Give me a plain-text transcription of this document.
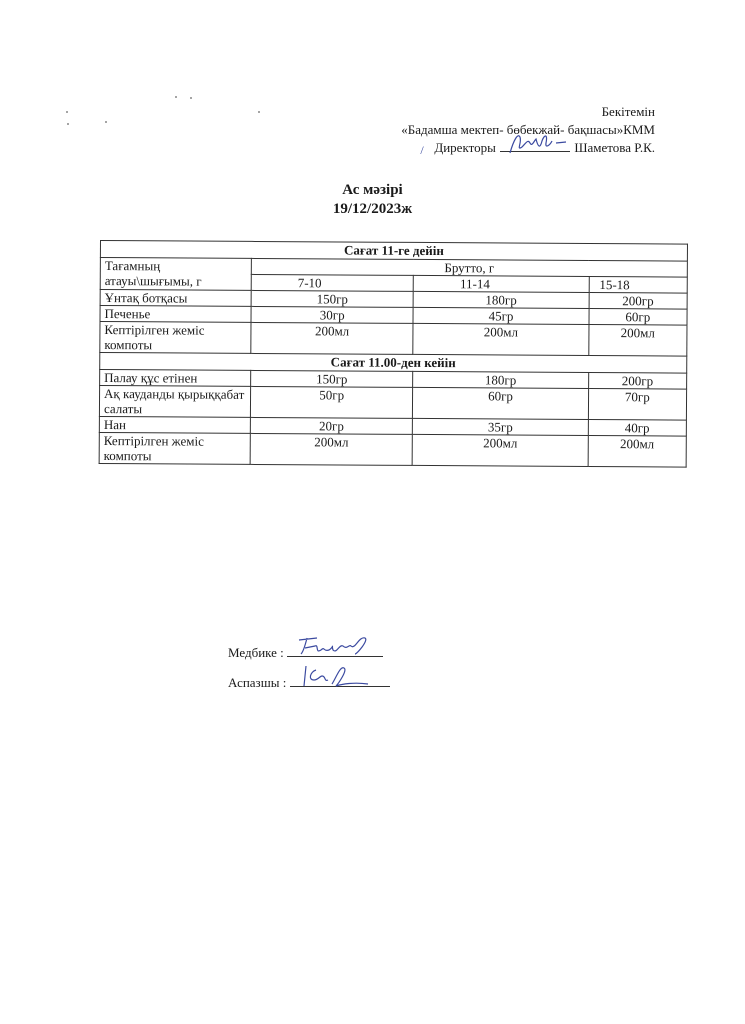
Бекітемін
«Бадамша мектеп- бөбекжай- бақшасы»КММ
/ Директоры	Шаметова Р.К.
Ас мәзірі
19/12/2023ж
Сағат 11-ге дейін			
Тағамның атауы\шығымы, г	Брутто, г		
	7-10	11-14	15-18
Ұнтақ ботқасы	150гр	180гр	200гр
Печенье	30гр	45гр	60гр
Кептірілген жеміс компоты	200мл	200мл	200мл
Сағат 11.00-ден кейін			
Палау құс етінен	150гр	180гр	200гр
Ақ кауданды қырыққабат салаты	50гр	60гр	70гр
Нан	20гр	35гр	40гр
Кептірілген жеміс компоты	200мл	200мл	200мл
Медбике :
Аспазшы :
